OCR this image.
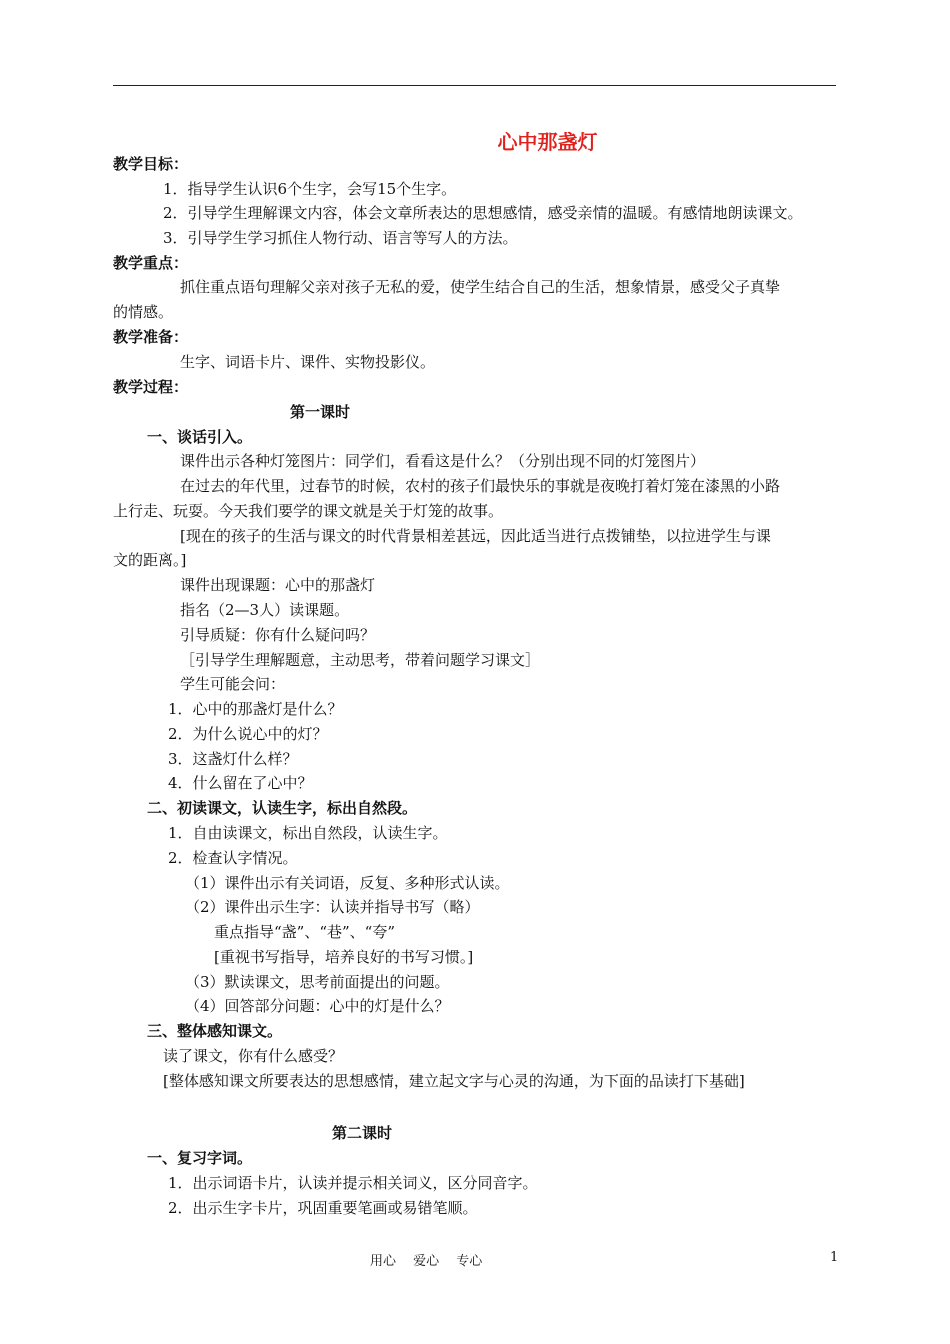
心中那盏灯
教学目标：
1．指导学生认识6个生字，会写15个生字。
2．引导学生理解课文内容，体会文章所表达的思想感情，感受亲情的温暖。有感情地朗读课文。
3．引导学生学习抓住人物行动、语言等写人的方法。
教学重点：
抓住重点语句理解父亲对孩子无私的爱，使学生结合自己的生活，想象情景，感受父子真挚
的情感。
教学准备：
生字、词语卡片、课件、实物投影仪。
教学过程：
第一课时
一、谈话引入。
课件出示各种灯笼图片：同学们，看看这是什么？（分别出现不同的灯笼图片）
在过去的年代里，过春节的时候，农村的孩子们最快乐的事就是夜晚打着灯笼在漆黑的小路
上行走、玩耍。今天我们要学的课文就是关于灯笼的故事。
[现在的孩子的生活与课文的时代背景相差甚远，因此适当进行点拨铺垫，以拉进学生与课
文的距离。]
课件出现课题：心中的那盏灯
指名（2—3人）读课题。
引导质疑：你有什么疑问吗？
［引导学生理解题意，主动思考，带着问题学习课文］
学生可能会问：
1．心中的那盏灯是什么？
2．为什么说心中的灯？
3．这盏灯什么样？
4．什么留在了心中？
二、初读课文，认读生字，标出自然段。
1．自由读课文，标出自然段，认读生字。
2．检查认字情况。
（1）课件出示有关词语，反复、多种形式认读。
（2）课件出示生字：认读并指导书写（略）
重点指导“盏”、“巷”、“夸”
[重视书写指导，培养良好的书写习惯。]
（3）默读课文，思考前面提出的问题。
（4）回答部分问题：心中的灯是什么？
三、整体感知课文。
读了课文，你有什么感受？
[整体感知课文所要表达的思想感情，建立起文字与心灵的沟通，为下面的品读打下基础]
第二课时
一、复习字词。
1．出示词语卡片，认读并提示相关词义，区分同音字。
2．出示生字卡片，巩固重要笔画或易错笔顺。
用心　 爱心　 专心	1
